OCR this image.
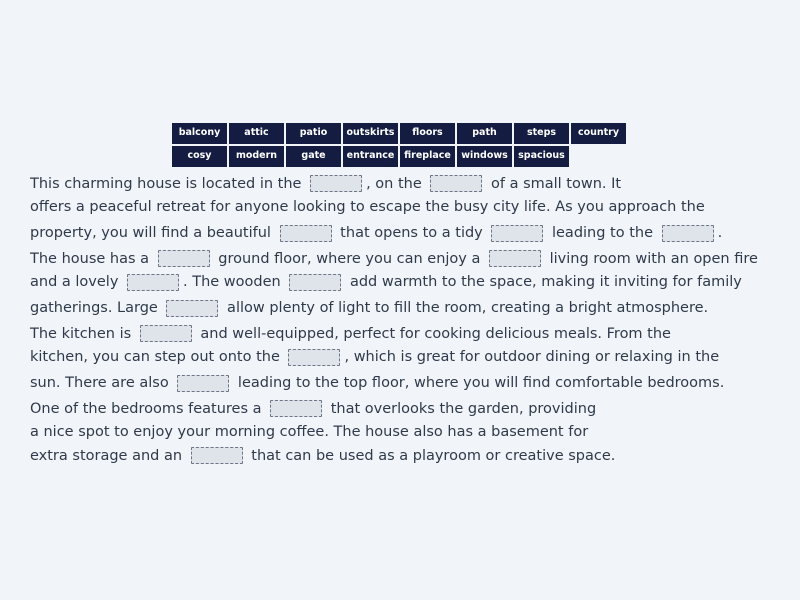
balcony	attic	patio	outskirts	floors	path	steps	country
cosy	modern	gate	entrance	fireplace	windows	spacious
This charming house is located in the	, on the	of a small town. It
offers a peaceful retreat for anyone looking to escape the busy city life. As you approach the
property, you will find a beautiful	that opens to a tidy	leading to the	.
The house has a	ground floor, where you can enjoy a	living room with an open fire
and a lovely	. The wooden	add warmth to the space, making it inviting for family
gatherings. Large	allow plenty of light to fill the room, creating a bright atmosphere.
The kitchen is	and well-equipped, perfect for cooking delicious meals. From the
kitchen, you can step out onto the	, which is great for outdoor dining or relaxing in the
sun. There are also	leading to the top floor, where you will find comfortable bedrooms.
One of the bedrooms features a	that overlooks the garden, providing
a nice spot to enjoy your morning coffee. The house also has a basement for
extra storage and an	that can be used as a playroom or creative space.
